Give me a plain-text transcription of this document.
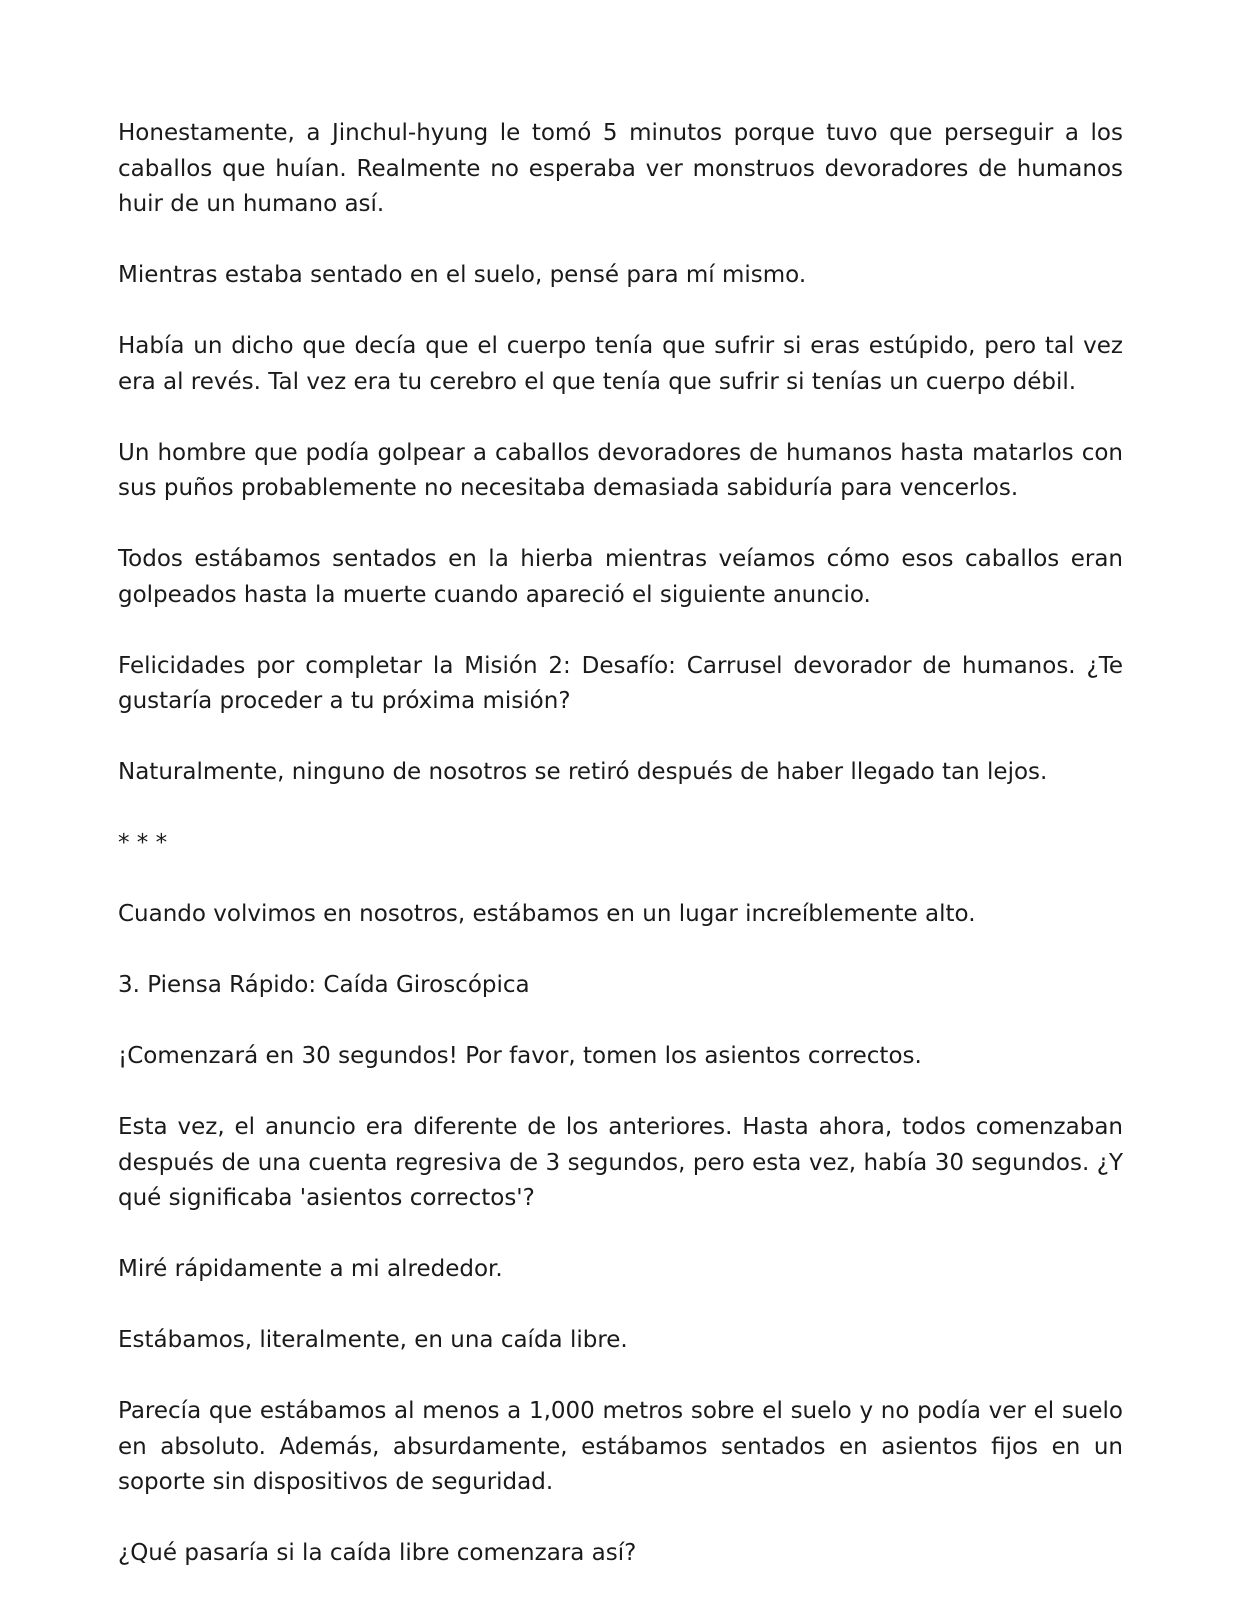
Honestamente, a Jinchul-hyung le tomó 5 minutos porque tuvo que perseguir a los caballos que huían. Realmente no esperaba ver monstruos devoradores de humanos huir de un humano así.

Mientras estaba sentado en el suelo, pensé para mí mismo.

Había un dicho que decía que el cuerpo tenía que sufrir si eras estúpido, pero tal vez era al revés. Tal vez era tu cerebro el que tenía que sufrir si tenías un cuerpo débil.

Un hombre que podía golpear a caballos devoradores de humanos hasta matarlos con sus puños probablemente no necesitaba demasiada sabiduría para vencerlos.

Todos estábamos sentados en la hierba mientras veíamos cómo esos caballos eran golpeados hasta la muerte cuando apareció el siguiente anuncio.

Felicidades por completar la Misión 2: Desafío: Carrusel devorador de humanos. ¿Te gustaría proceder a tu próxima misión?

Naturalmente, ninguno de nosotros se retiró después de haber llegado tan lejos.

* * *

Cuando volvimos en nosotros, estábamos en un lugar increíblemente alto.

3. Piensa Rápido: Caída Giroscópica

¡Comenzará en 30 segundos! Por favor, tomen los asientos correctos.

Esta vez, el anuncio era diferente de los anteriores. Hasta ahora, todos comenzaban después de una cuenta regresiva de 3 segundos, pero esta vez, había 30 segundos. ¿Y qué significaba 'asientos correctos'?

Miré rápidamente a mi alrededor.

Estábamos, literalmente, en una caída libre.

Parecía que estábamos al menos a 1,000 metros sobre el suelo y no podía ver el suelo en absoluto. Además, absurdamente, estábamos sentados en asientos fijos en un soporte sin dispositivos de seguridad.

¿Qué pasaría si la caída libre comenzara así?
